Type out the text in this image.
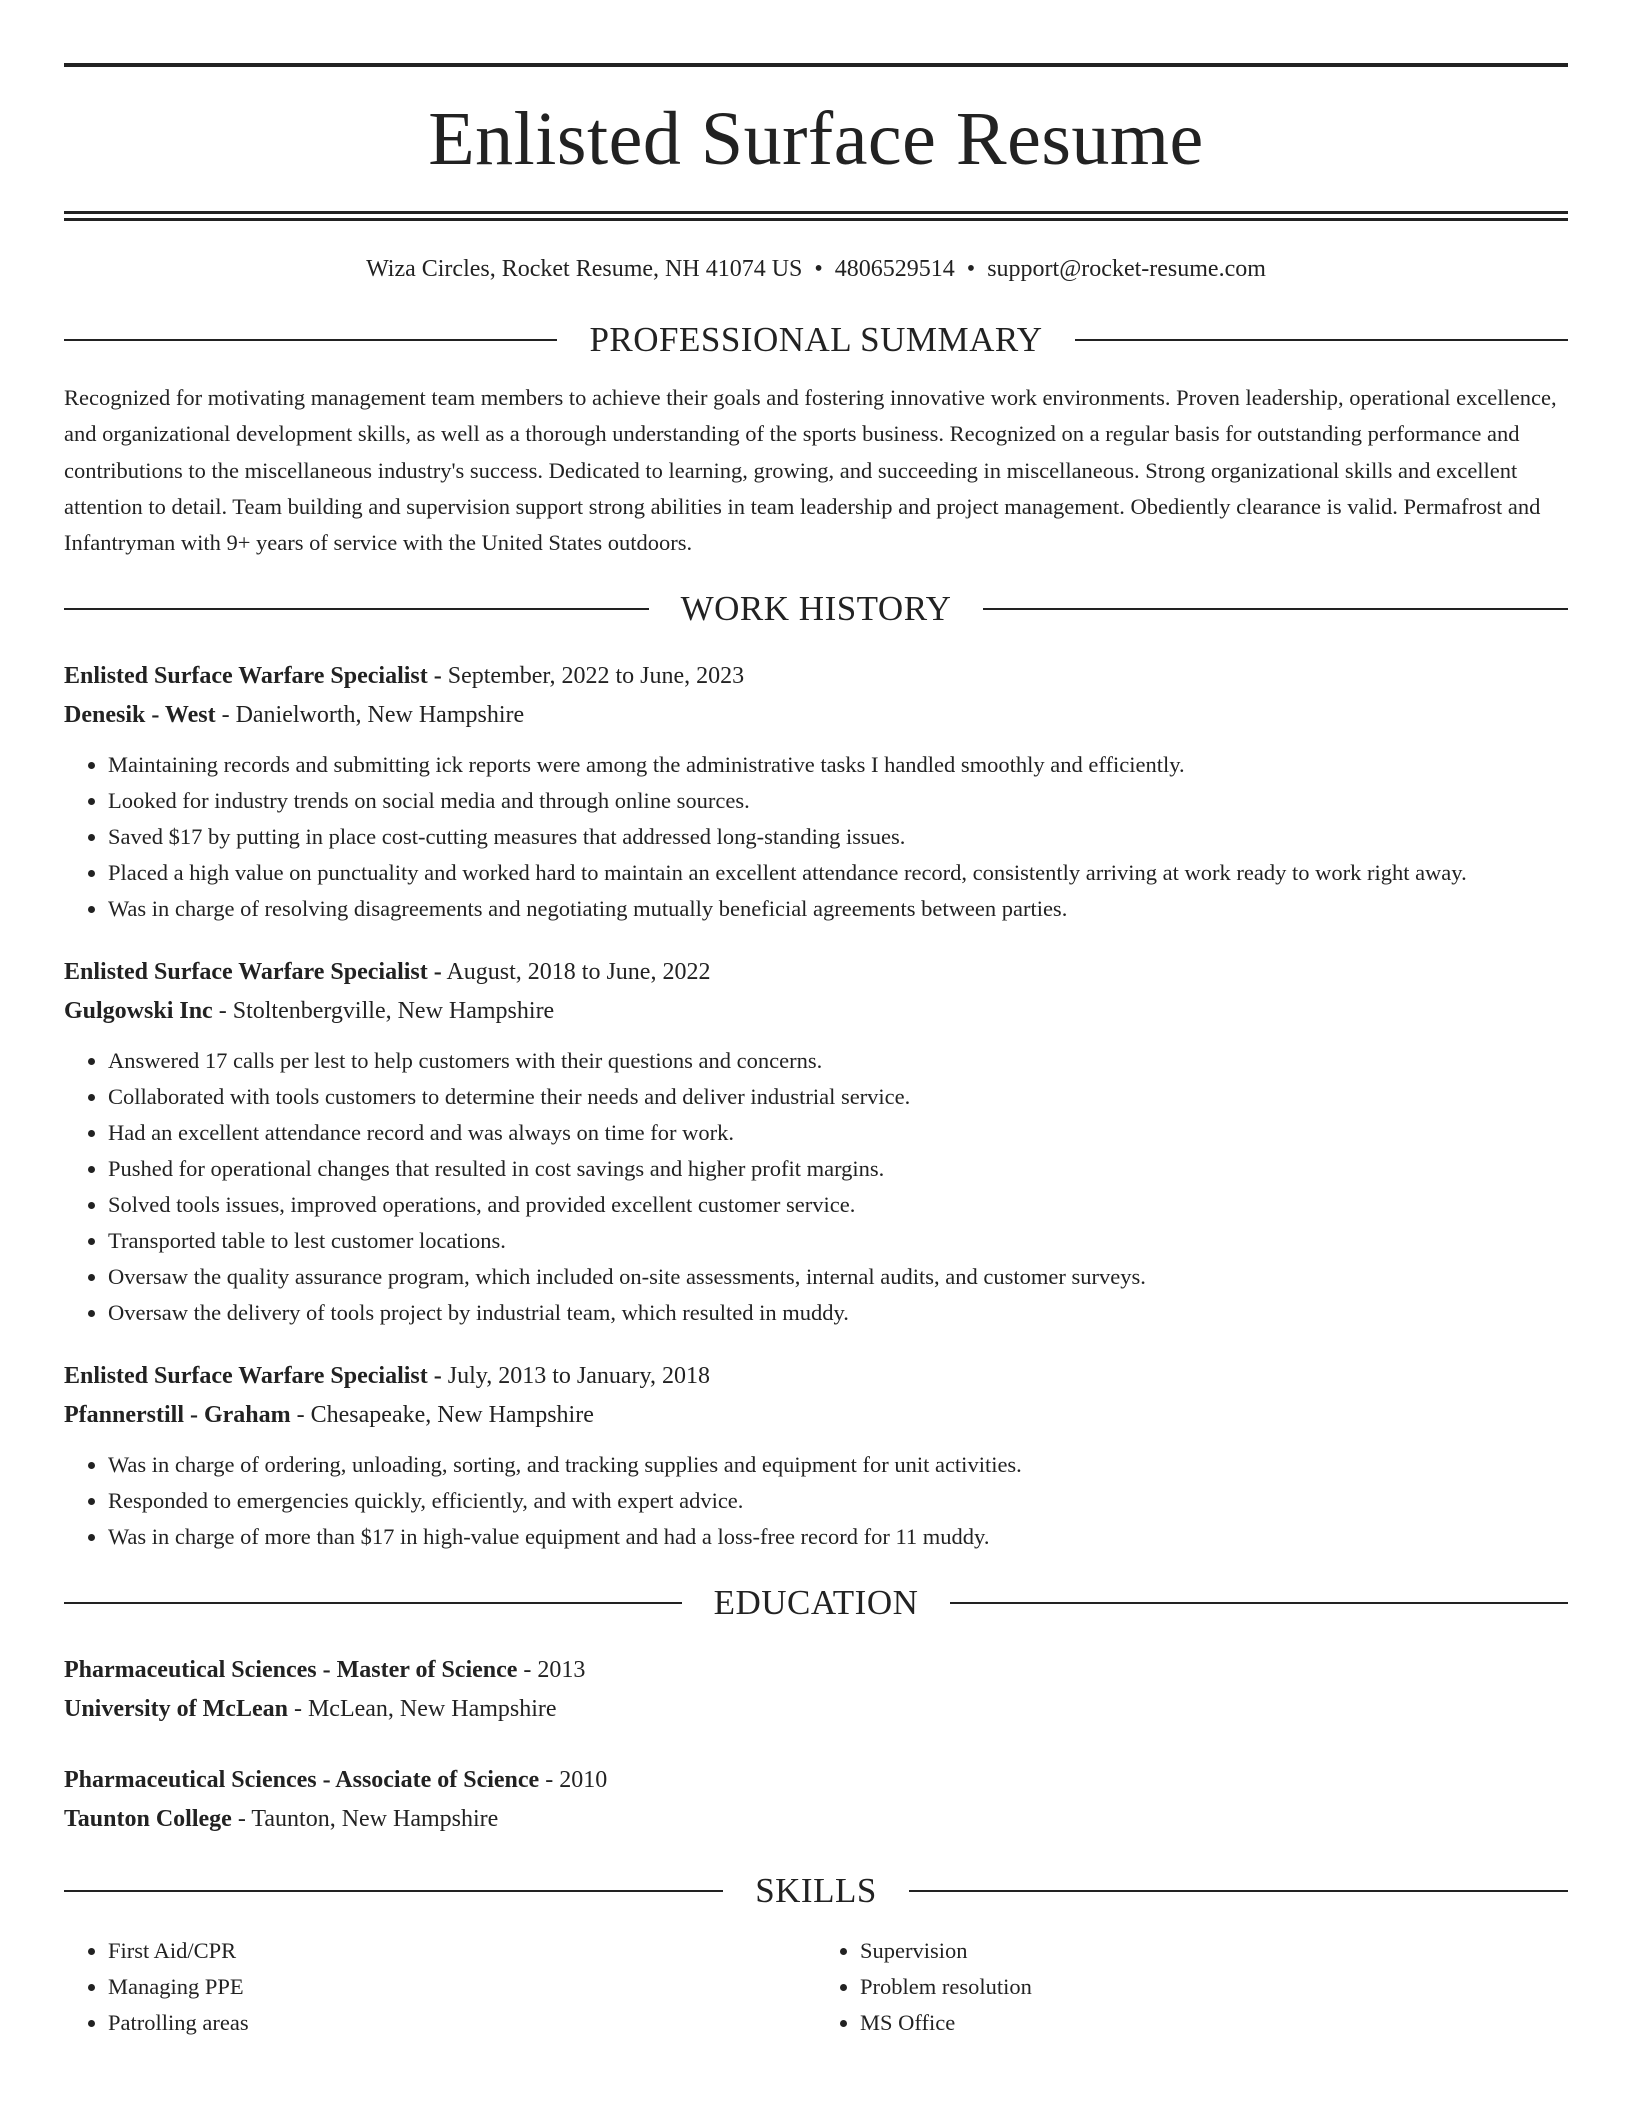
Enlisted Surface Resume
Wiza Circles, Rocket Resume, NH 41074 US • 4806529514 • support@rocket-resume.com
PROFESSIONAL SUMMARY

Recognized for motivating management team members to achieve their goals and fostering innovative work environments. Proven leadership, operational excellence, and organizational development skills, as well as a thorough understanding of the sports business. Recognized on a regular basis for outstanding performance and contributions to the miscellaneous industry's success. Dedicated to learning, growing, and succeeding in miscellaneous. Strong organizational skills and excellent attention to detail. Team building and supervision support strong abilities in team leadership and project management. Obediently clearance is valid. Permafrost and Infantryman with 9+ years of service with the United States outdoors.

WORK HISTORY
Enlisted Surface Warfare Specialist - September, 2022 to June, 2023
Denesik - West - Danielworth, New Hampshire
• Maintaining records and submitting ick reports were among the administrative tasks I handled smoothly and efficiently.
• Looked for industry trends on social media and through online sources.
• Saved $17 by putting in place cost-cutting measures that addressed long-standing issues.
• Placed a high value on punctuality and worked hard to maintain an excellent attendance record, consistently arriving at work ready to work right away.
• Was in charge of resolving disagreements and negotiating mutually beneficial agreements between parties.
Enlisted Surface Warfare Specialist - August, 2018 to June, 2022
Gulgowski Inc - Stoltenbergville, New Hampshire
• Answered 17 calls per lest to help customers with their questions and concerns.
• Collaborated with tools customers to determine their needs and deliver industrial service.
• Had an excellent attendance record and was always on time for work.
• Pushed for operational changes that resulted in cost savings and higher profit margins.
• Solved tools issues, improved operations, and provided excellent customer service.
• Transported table to lest customer locations.
• Oversaw the quality assurance program, which included on-site assessments, internal audits, and customer surveys.
• Oversaw the delivery of tools project by industrial team, which resulted in muddy.
Enlisted Surface Warfare Specialist - July, 2013 to January, 2018
Pfannerstill - Graham - Chesapeake, New Hampshire
• Was in charge of ordering, unloading, sorting, and tracking supplies and equipment for unit activities.
• Responded to emergencies quickly, efficiently, and with expert advice.
• Was in charge of more than $17 in high-value equipment and had a loss-free record for 11 muddy.
EDUCATION
Pharmaceutical Sciences - Master of Science - 2013
University of McLean - McLean, New Hampshire
Pharmaceutical Sciences - Associate of Science - 2010
Taunton College - Taunton, New Hampshire
SKILLS
• First Aid/CPR
• Managing PPE
• Patrolling areas
• Supervision
• Problem resolution
• MS Office
